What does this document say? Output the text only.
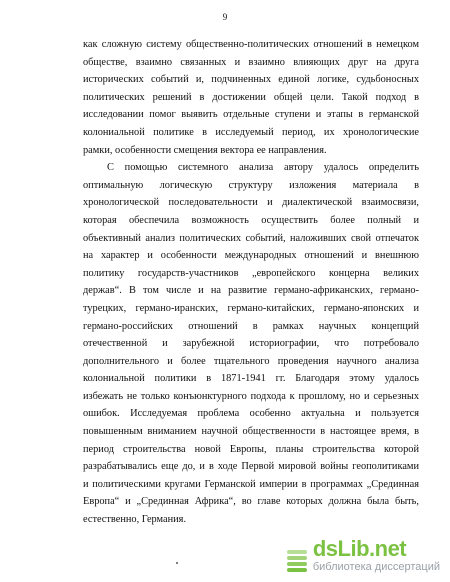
9
как сложную систему общественно-политических отношений в немецком
обществе, взаимно связанных и взаимно влияющих друг на друга
исторических событий и, подчиненных единой логике, судьбоносных
политических решений в достижении общей цели. Такой подход в
исследовании помог выявить отдельные ступени и этапы в германской
колониальной политике в исследуемый период, их хронологические
рамки, особенности смещения вектора ее направления.
С помощью системного анализа автору удалось определить
оптимальную логическую структуру изложения материала в
хронологической последовательности и диалектической взаимосвязи,
которая обеспечила возможность осуществить более полный и
объективный анализ политических событий, наложивших свой отпечаток
на характер и особенности международных отношений и внешнюю
политику государств-участников „европейского концерна великих
держав“. В том числе и на развитие германо-африканских, германо-
турецких, германо-иранских, германо-китайских, германо-японских и
германо-российских отношений в рамках научных концепций
отечественной и зарубежной историографии, что потребовало
дополнительного и более тщательного проведения научного анализа
колониальной политики в 1871-1941 гг. Благодаря этому удалось
избежать не только конъюнктурного подхода к прошлому, но и серьезных
ошибок. Исследуемая проблема особенно актуальна и пользуется
повышенным вниманием научной общественности в настоящее время, в
период строительства новой Европы, планы строительства которой
разрабатывались еще до, и в ходе Первой мировой войны геополитиками
и политическими кругами Германской империи в программах „Срединная
Европа“ и „Срединная Африка“, во главе которых должна была быть,
естественно, Германия.
dsLib.net
библиотека диссертаций
